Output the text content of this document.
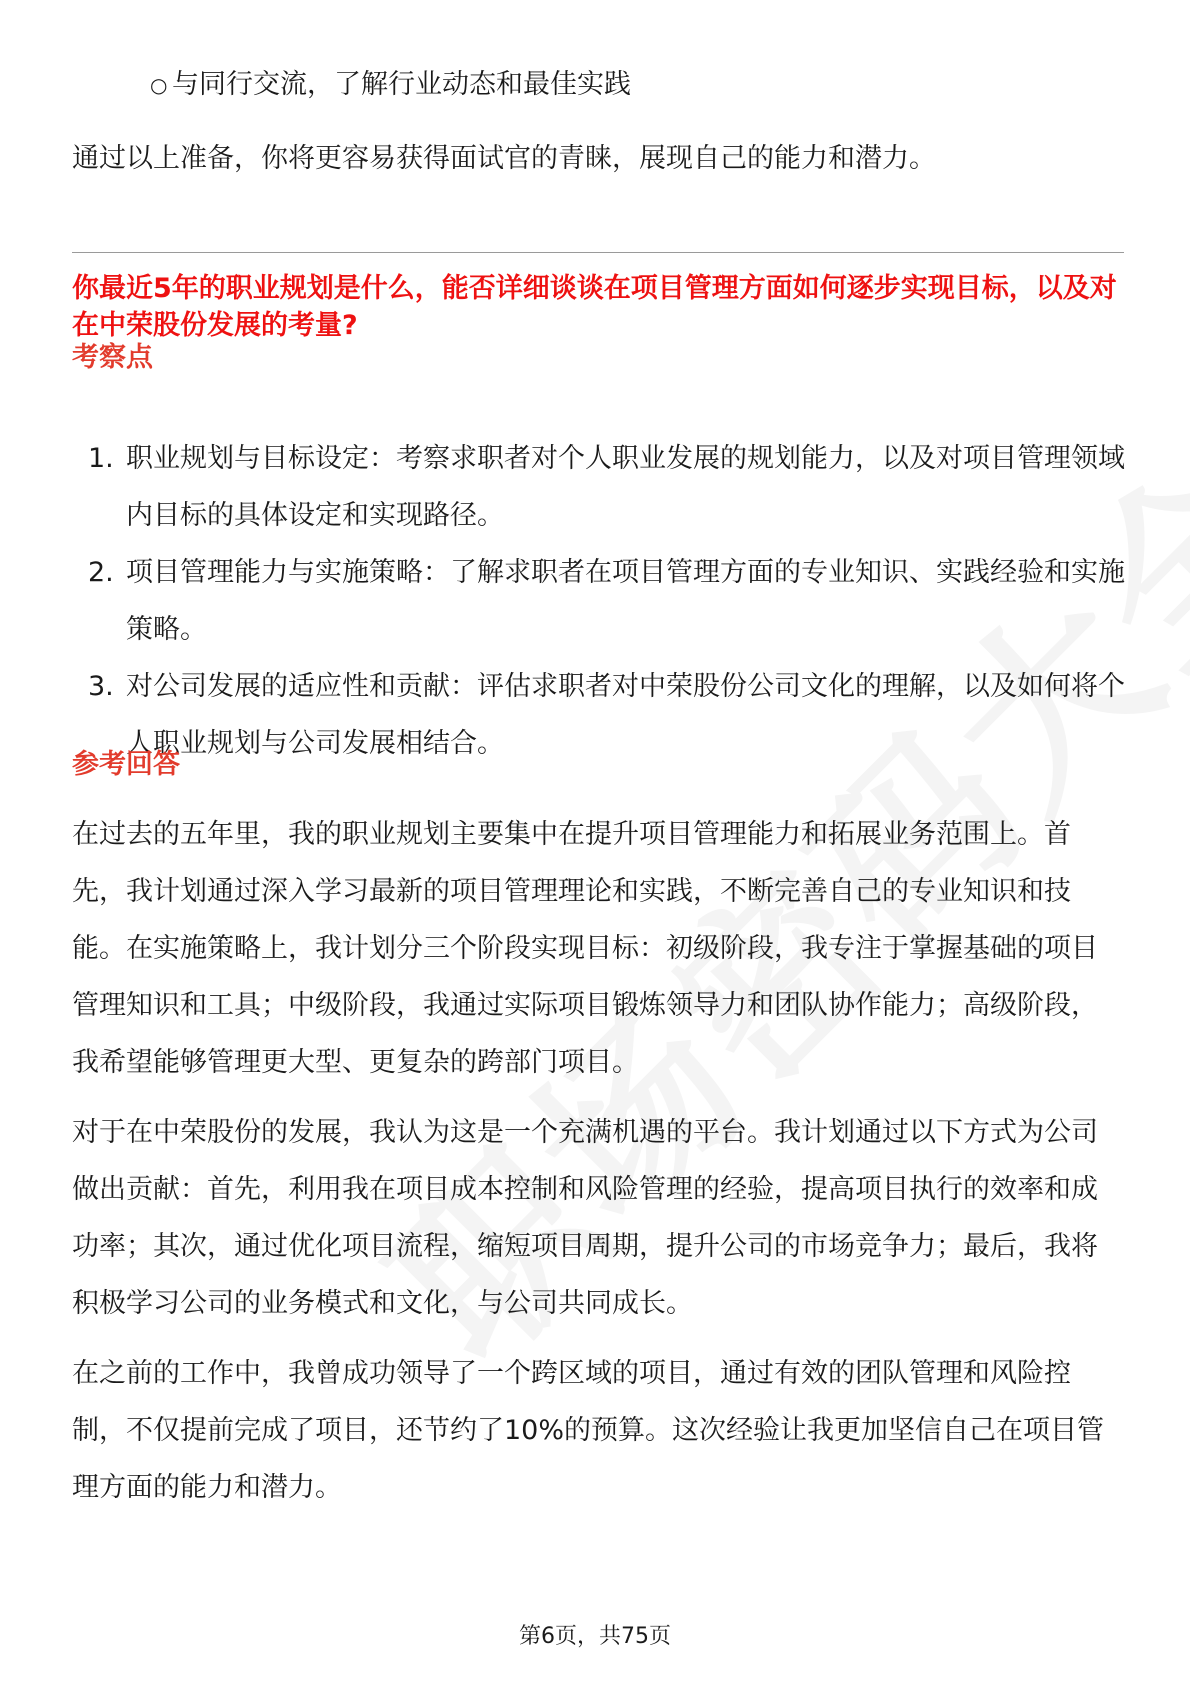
○ 与同行交流，了解行业动态和最佳实践

通过以上准备，你将更容易获得面试官的青睐，展现自己的能力和潜力。

你最近5年的职业规划是什么，能否详细谈谈在项目管理方面如何逐步实现目标，以及对在中荣股份发展的考量?

考察点

1. 职业规划与目标设定：考察求职者对个人职业发展的规划能力，以及对项目管理领域内目标的具体设定和实现路径。
2. 项目管理能力与实施策略：了解求职者在项目管理方面的专业知识、实践经验和实施策略。
3. 对公司发展的适应性和贡献：评估求职者对中荣股份公司文化的理解，以及如何将个人职业规划与公司发展相结合。

参考回答

在过去的五年里，我的职业规划主要集中在提升项目管理能力和拓展业务范围上。首先，我计划通过深入学习最新的项目管理理论和实践，不断完善自己的专业知识和技能。在实施策略上，我计划分三个阶段实现目标：初级阶段，我专注于掌握基础的项目管理知识和工具；中级阶段，我通过实际项目锻炼领导力和团队协作能力；高级阶段，我希望能够管理更大型、更复杂的跨部门项目。

对于在中荣股份的发展，我认为这是一个充满机遇的平台。我计划通过以下方式为公司做出贡献：首先，利用我在项目成本控制和风险管理的经验，提高项目执行的效率和成功率；其次，通过优化项目流程，缩短项目周期，提升公司的市场竞争力；最后，我将积极学习公司的业务模式和文化，与公司共同成长。

在之前的工作中，我曾成功领导了一个跨区域的项目，通过有效的团队管理和风险控制，不仅提前完成了项目，还节约了10%的预算。这次经验让我更加坚信自己在项目管理方面的能力和潜力。

第6页，共75页
